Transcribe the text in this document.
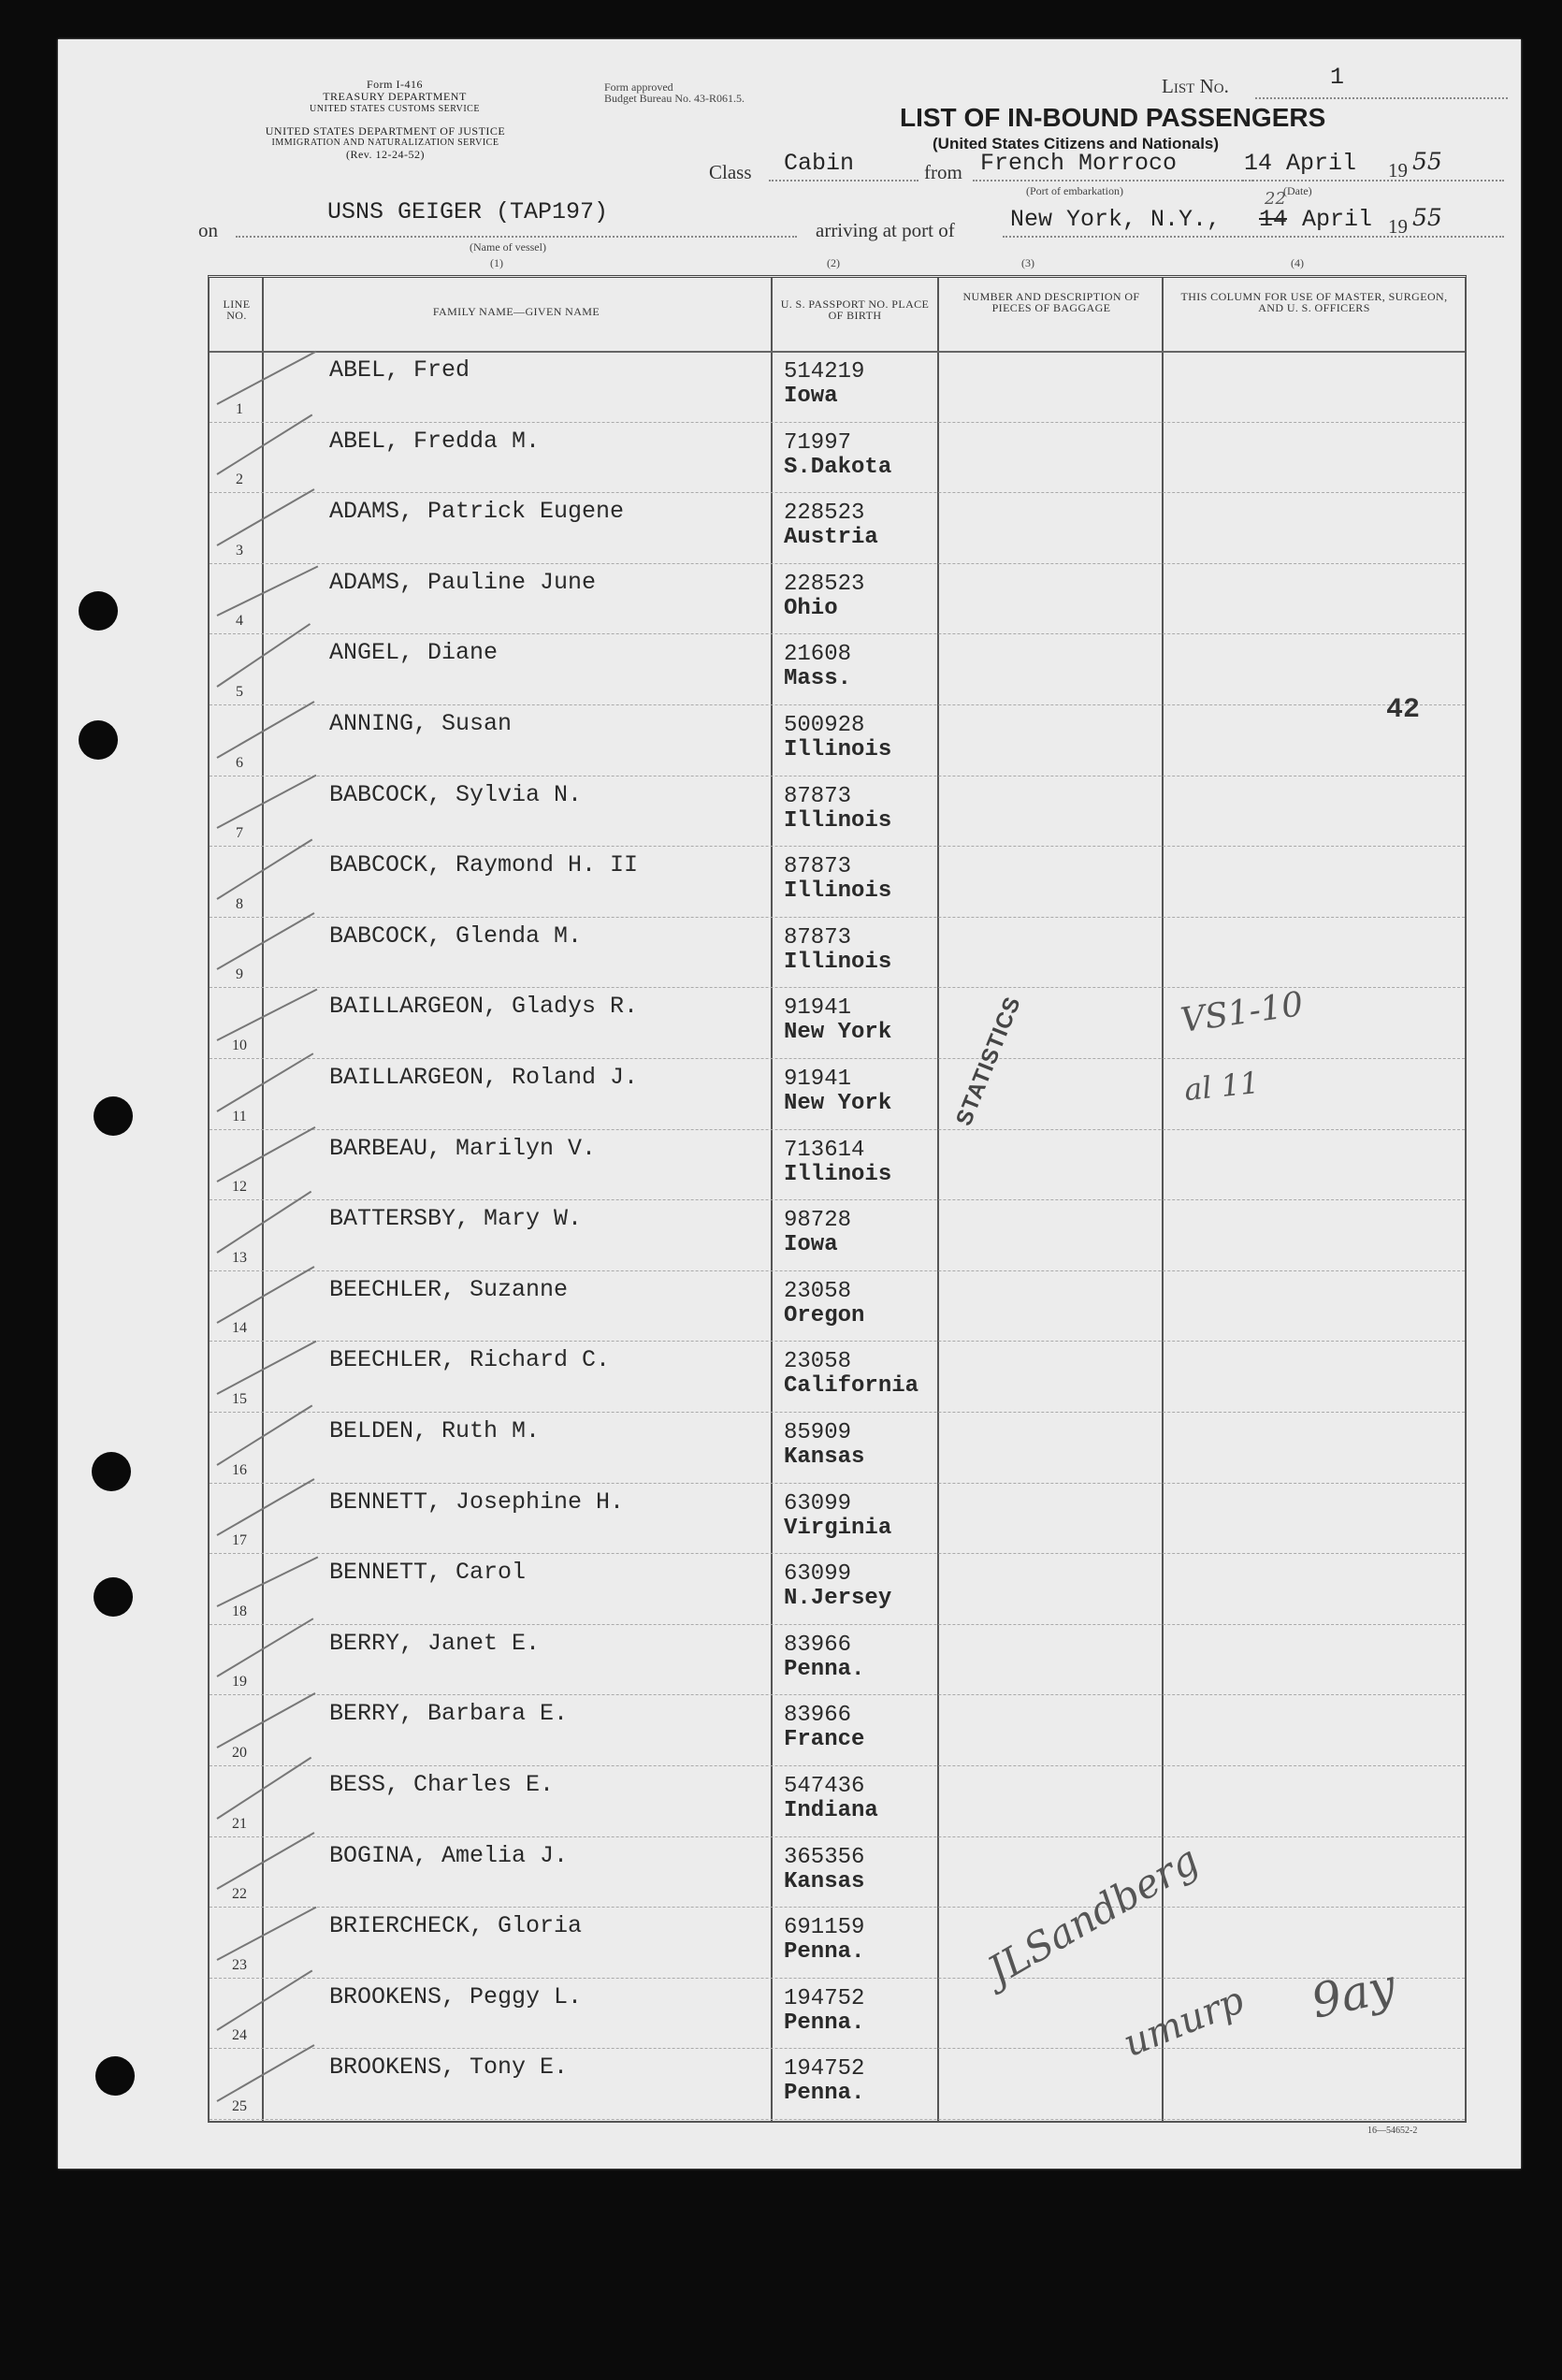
Form I-416
TREASURY DEPARTMENT
UNITED STATES CUSTOMS SERVICE
UNITED STATES DEPARTMENT OF JUSTICE
IMMIGRATION AND NATURALIZATION SERVICE
(Rev. 12-24-52)
Form approved
Budget Bureau No. 43-R061.5.
List No.	1
LIST OF IN-BOUND PASSENGERS
(United States Citizens and Nationals)
Class Cabin	from French Morroco
(Port of embarkation)
14 April 19 55
(Date)
on
USNS GEIGER (TAP197)
(Name of vessel)
arriving at port of New York, N.Y., 14
22
April 19 55
(1)	(2)	(3)	(4)
LINE NO.	FAMILY NAME—GIVEN NAME
U. S. PASSPORT NO. PLACE OF BIRTH
NUMBER AND DESCRIPTION OF PIECES OF BAGGAGE
THIS COLUMN FOR USE OF MASTER, SURGEON, AND U. S. OFFICERS
1
ABEL, Fred	514219
Iowa
2
ABEL, Fredda M.	71997
S.Dakota
3
ADAMS, Patrick Eugene	228523
Austria
4
ADAMS, Pauline June	228523
Ohio
5
ANGEL, Diane	21608
Mass.
6
ANNING, Susan	500928
Illinois
7
BABCOCK, Sylvia N.	87873
Illinois
8
BABCOCK, Raymond H. II	87873
Illinois
9
BABCOCK, Glenda M.	87873
Illinois
10
BAILLARGEON, Gladys R.	91941
New York
11
BAILLARGEON, Roland J.	91941
New York
12
BARBEAU, Marilyn V.	713614
Illinois
13
BATTERSBY, Mary W.	98728
Iowa
14
BEECHLER, Suzanne	23058
Oregon
15
BEECHLER, Richard C.	23058
California
16
BELDEN, Ruth M.	85909
Kansas
17
BENNETT, Josephine H.	63099
Virginia
18
BENNETT, Carol	63099
N.Jersey
19
BERRY, Janet E.	83966
Penna.
20
BERRY, Barbara E.	83966
France
21
BESS, Charles E.	547436
Indiana
22
BOGINA, Amelia J.	365356
Kansas
23
BRIERCHECK, Gloria	691159
Penna.
24
BROOKENS, Peggy L.	194752
Penna.
25
BROOKENS, Tony E.	194752
Penna.
STATISTICS
42
VS1-10
al 11
JLSandberg
umurp 9ay
16—54652-2
